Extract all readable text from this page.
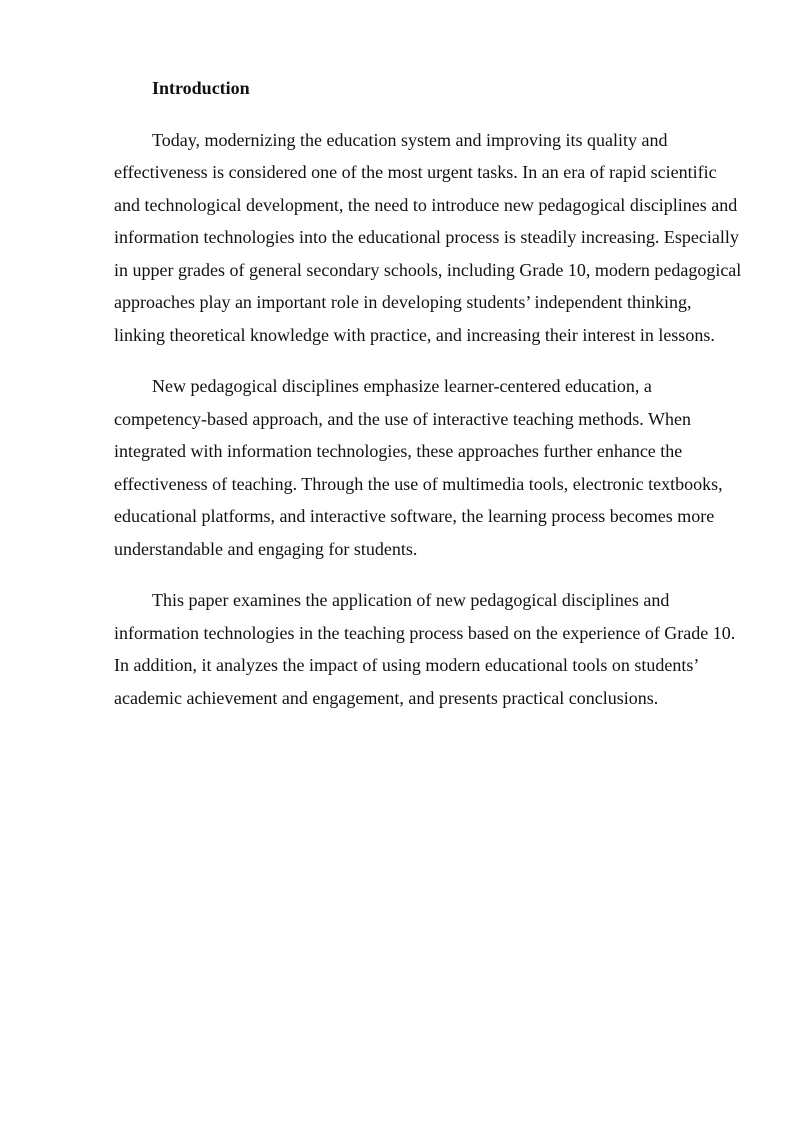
Introduction

Today, modernizing the education system and improving its quality and effectiveness is considered one of the most urgent tasks. In an era of rapid scientific and technological development, the need to introduce new pedagogical disciplines and information technologies into the educational process is steadily increasing. Especially in upper grades of general secondary schools, including Grade 10, modern pedagogical approaches play an important role in developing students’ independent thinking, linking theoretical knowledge with practice, and increasing their interest in lessons.

New pedagogical disciplines emphasize learner-centered education, a competency-based approach, and the use of interactive teaching methods. When integrated with information technologies, these approaches further enhance the effectiveness of teaching. Through the use of multimedia tools, electronic textbooks, educational platforms, and interactive software, the learning process becomes more understandable and engaging for students.

This paper examines the application of new pedagogical disciplines and information technologies in the teaching process based on the experience of Grade 10. In addition, it analyzes the impact of using modern educational tools on students’ academic achievement and engagement, and presents practical conclusions.
